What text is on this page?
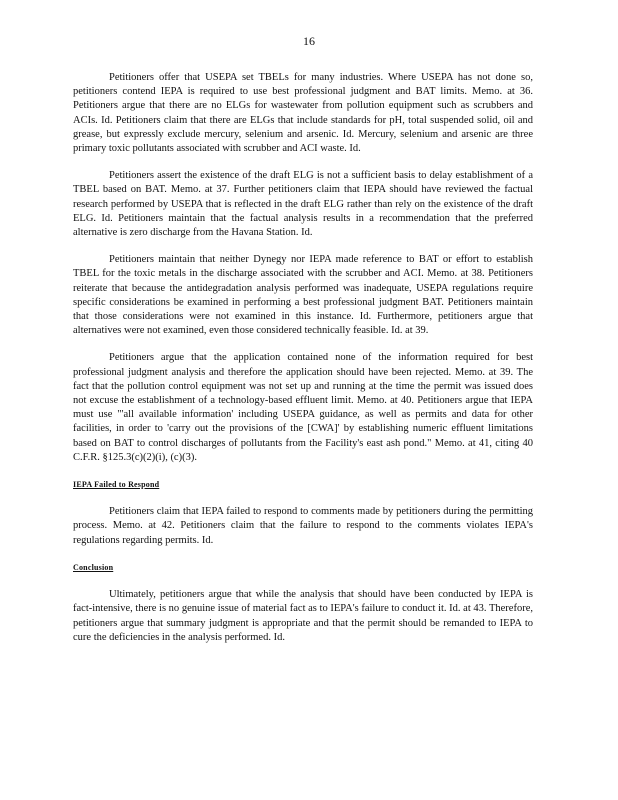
16

Petitioners offer that USEPA set TBELs for many industries. Where USEPA has not done so, petitioners contend IEPA is required to use best professional judgment and BAT limits. Memo. at 36. Petitioners argue that there are no ELGs for wastewater from pollution equipment such as scrubbers and ACIs. Id. Petitioners claim that there are ELGs that include standards for pH, total suspended solid, oil and grease, but expressly exclude mercury, selenium and arsenic. Id. Mercury, selenium and arsenic are three primary toxic pollutants associated with scrubber and ACI waste. Id.

Petitioners assert the existence of the draft ELG is not a sufficient basis to delay establishment of a TBEL based on BAT. Memo. at 37. Further petitioners claim that IEPA should have reviewed the factual research performed by USEPA that is reflected in the draft ELG rather than rely on the existence of the draft ELG. Id. Petitioners maintain that the factual analysis results in a recommendation that the preferred alternative is zero discharge from the Havana Station. Id.

Petitioners maintain that neither Dynegy nor IEPA made reference to BAT or effort to establish TBEL for the toxic metals in the discharge associated with the scrubber and ACI. Memo. at 38. Petitioners reiterate that because the antidegradation analysis performed was inadequate, USEPA regulations require specific considerations be examined in performing a best professional judgment BAT. Petitioners maintain that those considerations were not examined in this instance. Id. Furthermore, petitioners argue that alternatives were not examined, even those considered technically feasible. Id. at 39.

Petitioners argue that the application contained none of the information required for best professional judgment analysis and therefore the application should have been rejected. Memo. at 39. The fact that the pollution control equipment was not set up and running at the time the permit was issued does not excuse the establishment of a technology-based effluent limit. Memo. at 40. Petitioners argue that IEPA must use "'all available information' including USEPA guidance, as well as permits and data for other facilities, in order to 'carry out the provisions of the [CWA]' by establishing numeric effluent limitations based on BAT to control discharges of pollutants from the Facility's east ash pond." Memo. at 41, citing 40 C.F.R. §125.3(c)(2)(i), (c)(3).

IEPA Failed to Respond

Petitioners claim that IEPA failed to respond to comments made by petitioners during the permitting process. Memo. at 42. Petitioners claim that the failure to respond to the comments violates IEPA's regulations regarding permits. Id.

Conclusion

Ultimately, petitioners argue that while the analysis that should have been conducted by IEPA is fact-intensive, there is no genuine issue of material fact as to IEPA's failure to conduct it. Id. at 43. Therefore, petitioners argue that summary judgment is appropriate and that the permit should be remanded to IEPA to cure the deficiencies in the analysis performed. Id.
